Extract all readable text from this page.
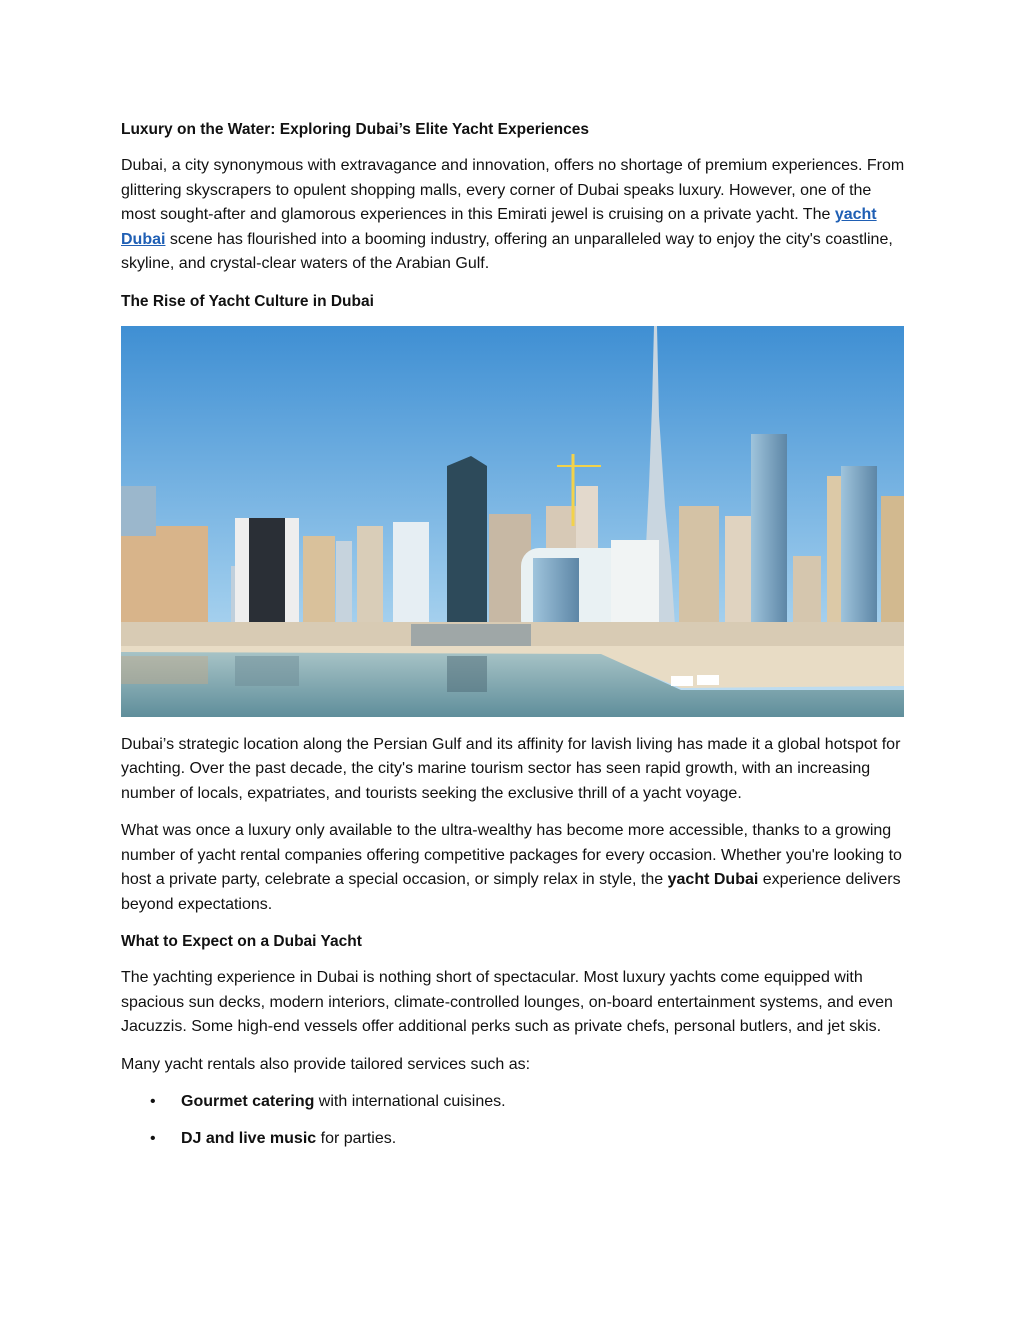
Luxury on the Water: Exploring Dubai’s Elite Yacht Experiences

Dubai, a city synonymous with extravagance and innovation, offers no shortage of premium experiences. From glittering skyscrapers to opulent shopping malls, every corner of Dubai speaks luxury. However, one of the most sought-after and glamorous experiences in this Emirati jewel is cruising on a private yacht. The yacht Dubai scene has flourished into a booming industry, offering an unparalleled way to enjoy the city's coastline, skyline, and crystal-clear waters of the Arabian Gulf.

The Rise of Yacht Culture in Dubai

Dubai’s strategic location along the Persian Gulf and its affinity for lavish living has made it a global hotspot for yachting. Over the past decade, the city's marine tourism sector has seen rapid growth, with an increasing number of locals, expatriates, and tourists seeking the exclusive thrill of a yacht voyage.

What was once a luxury only available to the ultra-wealthy has become more accessible, thanks to a growing number of yacht rental companies offering competitive packages for every occasion. Whether you're looking to host a private party, celebrate a special occasion, or simply relax in style, the yacht Dubai experience delivers beyond expectations.

What to Expect on a Dubai Yacht

The yachting experience in Dubai is nothing short of spectacular. Most luxury yachts come equipped with spacious sun decks, modern interiors, climate-controlled lounges, on-board entertainment systems, and even Jacuzzis. Some high-end vessels offer additional perks such as private chefs, personal butlers, and jet skis.

Many yacht rentals also provide tailored services such as:

• Gourmet catering with international cuisines.
• DJ and live music for parties.
